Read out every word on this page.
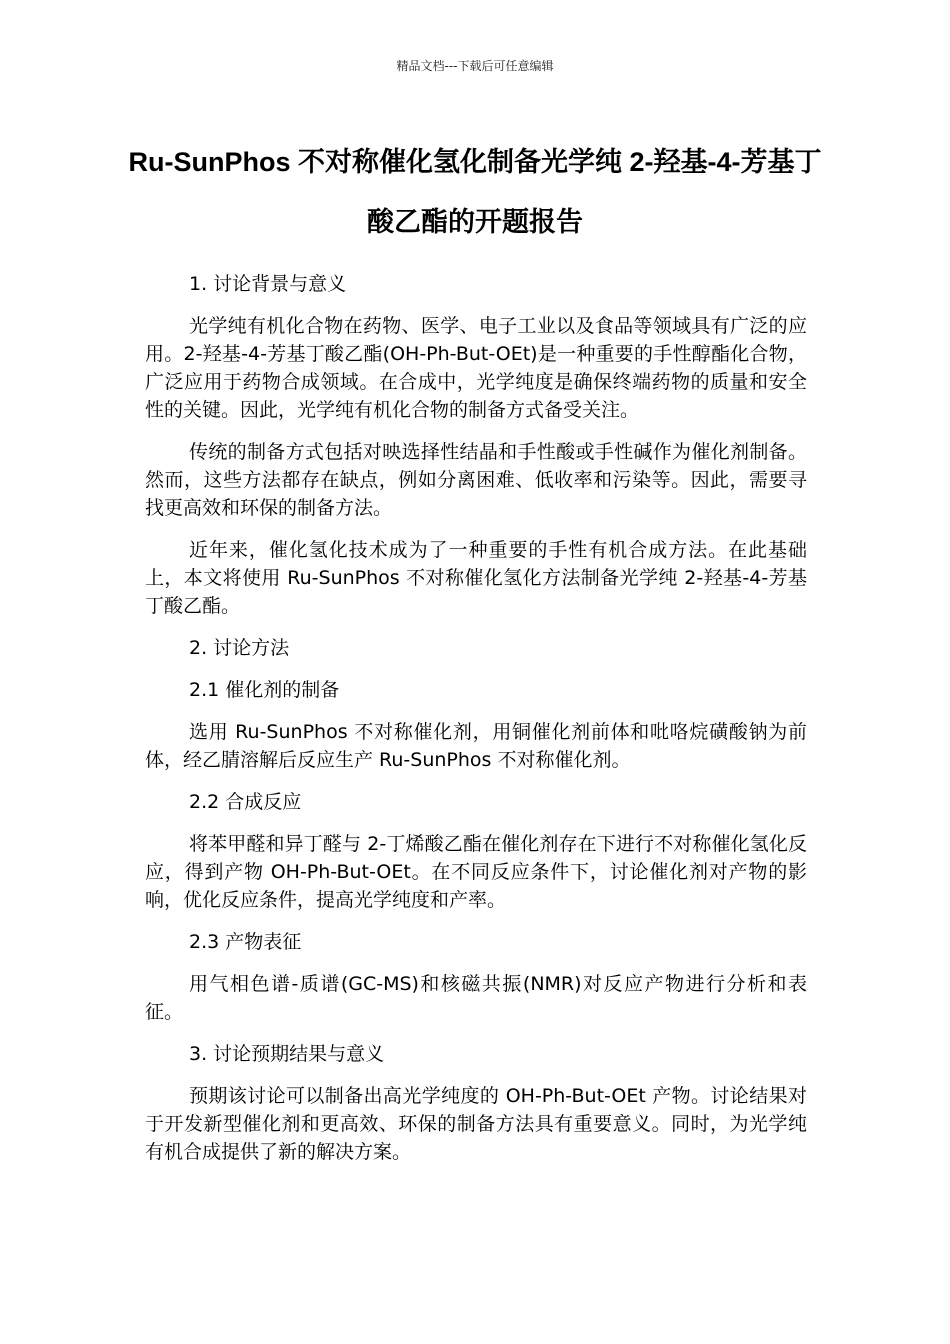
精品文档---下载后可任意编辑
Ru-SunPhos 不对称催化氢化制备光学纯 2-羟基-4-芳基丁酸乙酯的开题报告
1. 讨论背景与意义
光学纯有机化合物在药物、医学、电子工业以及食品等领域具有广泛的应用。2-羟基-4-芳基丁酸乙酯(OH-Ph-But-OEt)是一种重要的手性醇酯化合物，广泛应用于药物合成领域。在合成中，光学纯度是确保终端药物的质量和安全性的关键。因此，光学纯有机化合物的制备方式备受关注。
传统的制备方式包括对映选择性结晶和手性酸或手性碱作为催化剂制备。然而，这些方法都存在缺点，例如分离困难、低收率和污染等。因此，需要寻找更高效和环保的制备方法。
近年来，催化氢化技术成为了一种重要的手性有机合成方法。在此基础上，本文将使用 Ru-SunPhos 不对称催化氢化方法制备光学纯 2-羟基-4-芳基丁酸乙酯。
2. 讨论方法
2.1 催化剂的制备
选用 Ru-SunPhos 不对称催化剂，用铜催化剂前体和吡咯烷磺酸钠为前体，经乙腈溶解后反应生产 Ru-SunPhos 不对称催化剂。
2.2 合成反应
将苯甲醛和异丁醛与 2-丁烯酸乙酯在催化剂存在下进行不对称催化氢化反应，得到产物 OH-Ph-But-OEt。在不同反应条件下，讨论催化剂对产物的影响，优化反应条件，提高光学纯度和产率。
2.3 产物表征
用气相色谱-质谱(GC-MS)和核磁共振(NMR)对反应产物进行分析和表征。
3. 讨论预期结果与意义
预期该讨论可以制备出高光学纯度的 OH-Ph-But-OEt 产物。讨论结果对于开发新型催化剂和更高效、环保的制备方法具有重要意义。同时，为光学纯有机合成提供了新的解决方案。
